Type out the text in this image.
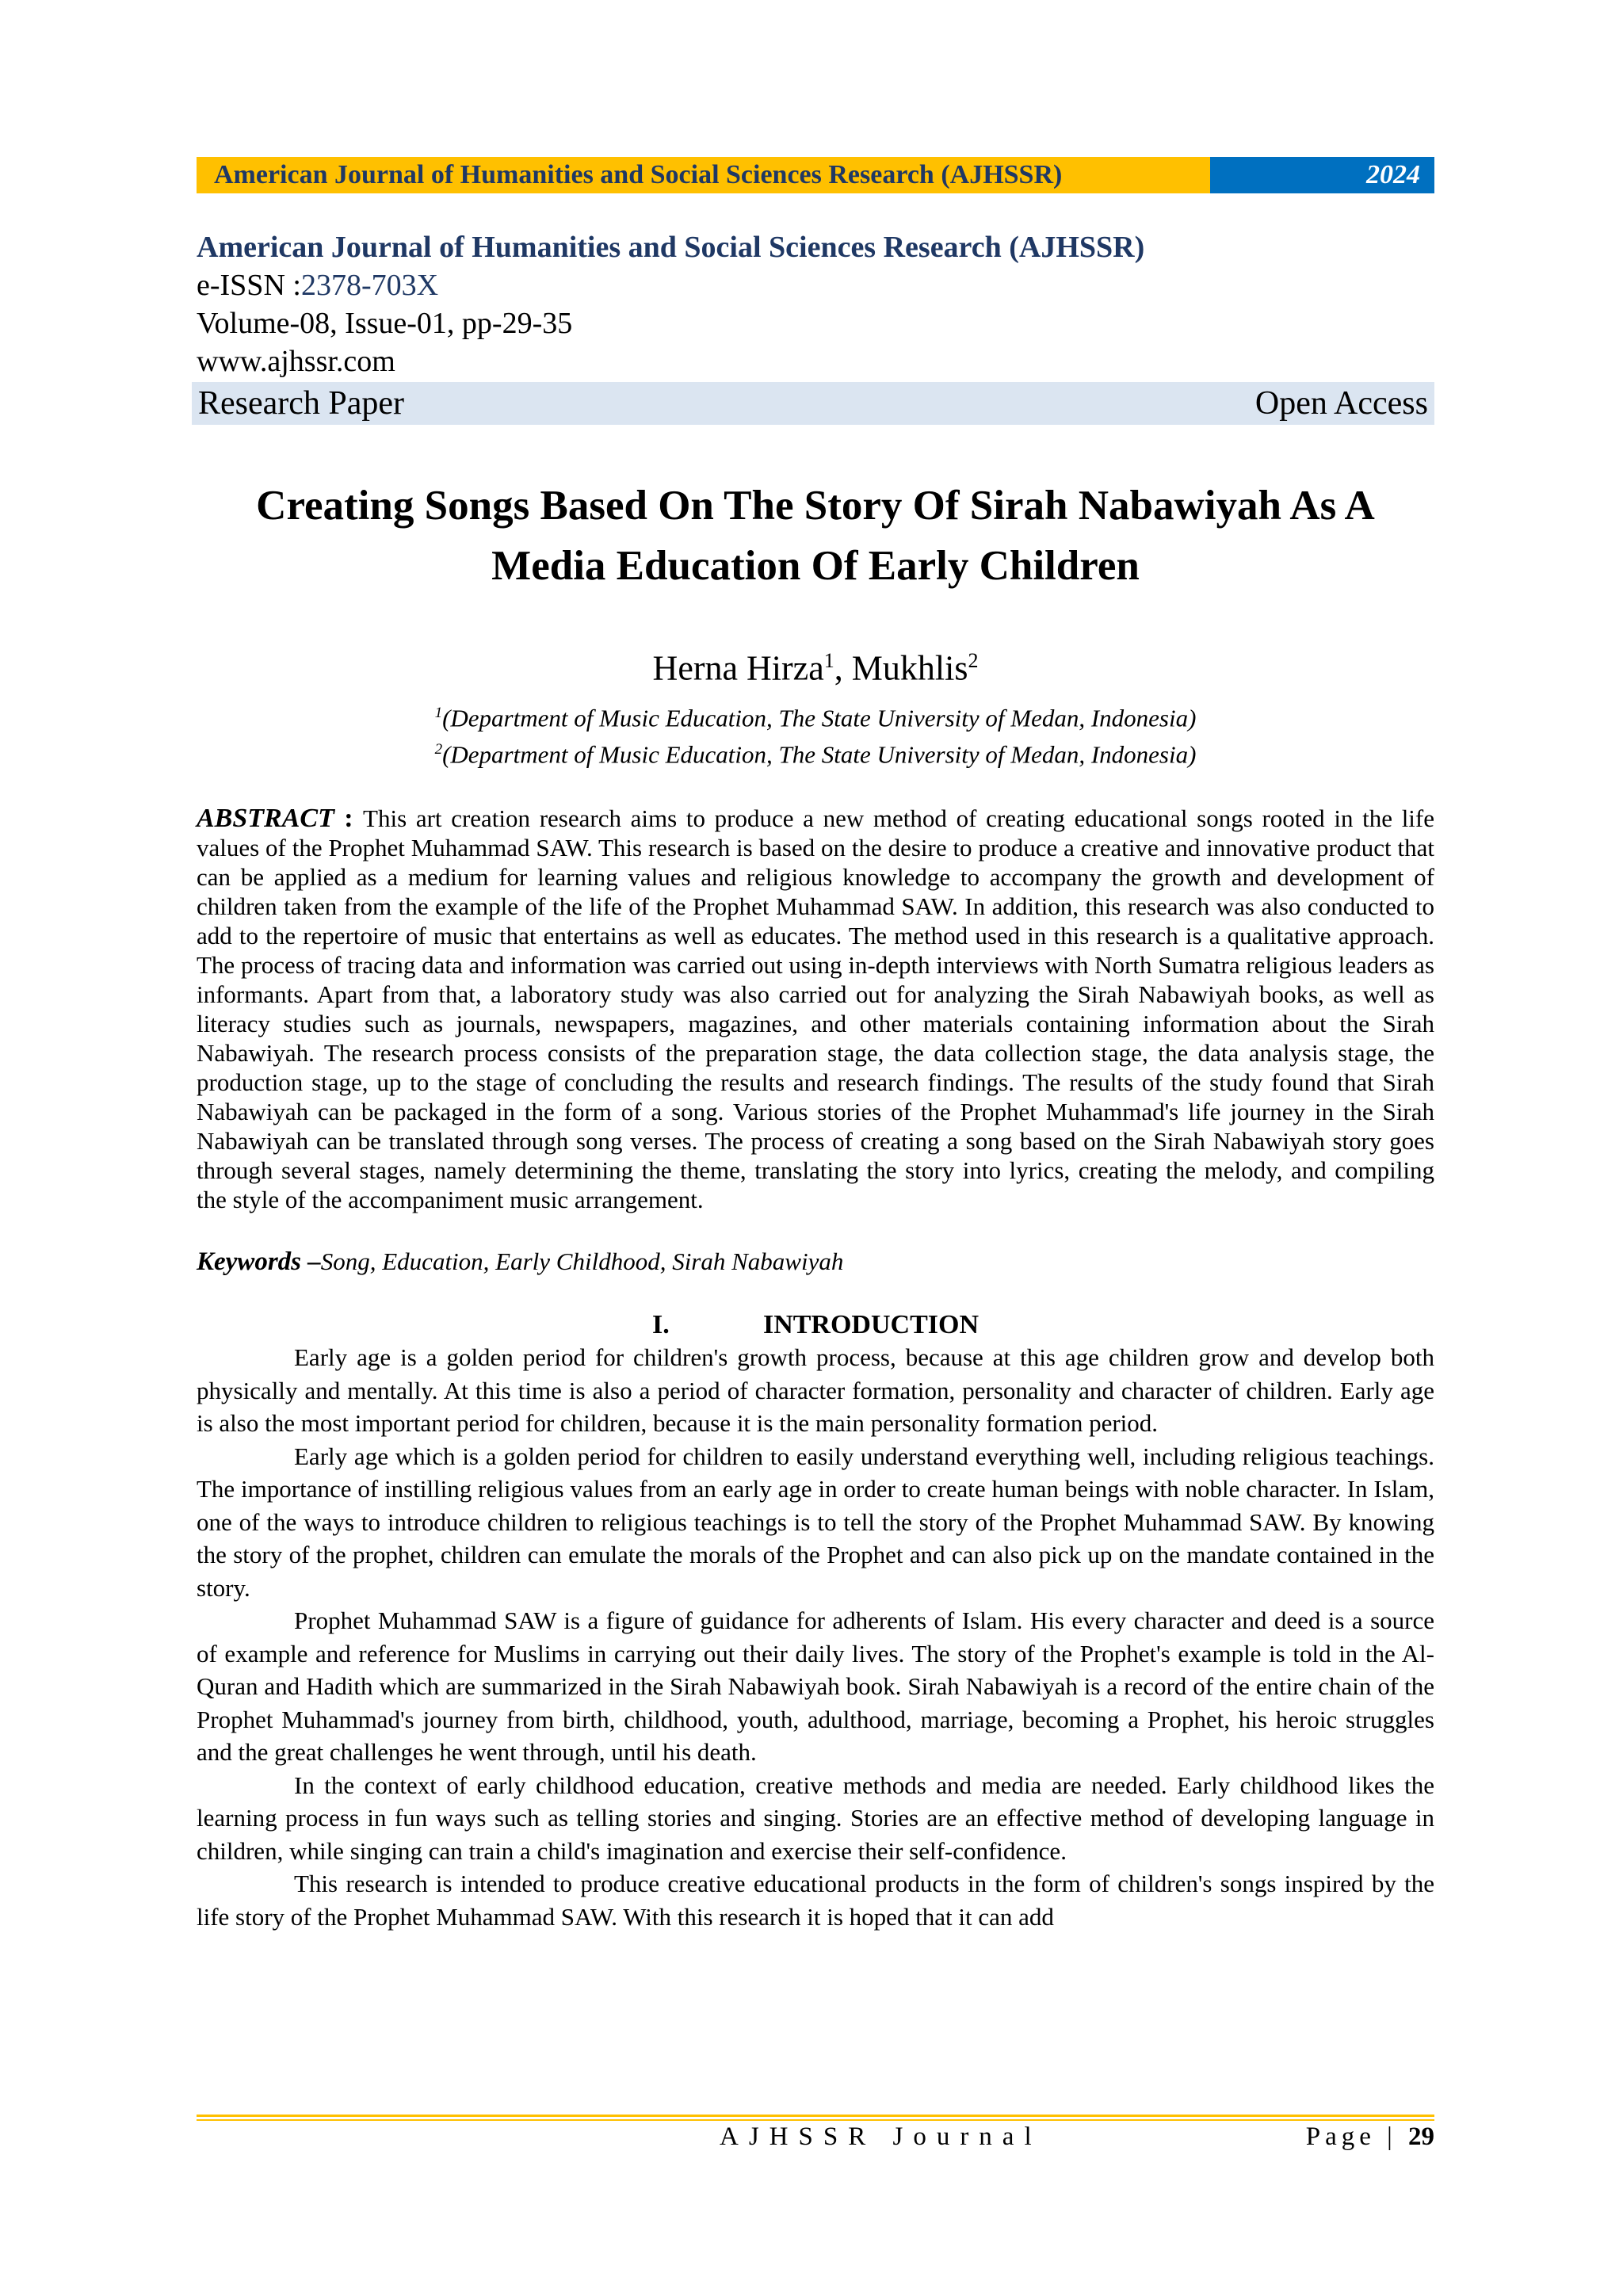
American Journal of Humanities and Social Sciences Research (AJHSSR)	2024
American Journal of Humanities and Social Sciences Research (AJHSSR)
e-ISSN :2378-703X
Volume-08, Issue-01, pp-29-35
www.ajhssr.com
Research Paper	Open Access
Creating Songs Based On The Story Of Sirah Nabawiyah As A
Media Education Of Early Children
Herna Hirza$^1$, Mukhlis$^2$
$^1$(Department of Music Education, The State University of Medan, Indonesia)
$^2$(Department of Music Education, The State University of Medan, Indonesia)
ABSTRACT : This art creation research aims to produce a new method of creating educational songs rooted in the life values of the Prophet Muhammad SAW. This research is based on the desire to produce a creative and innovative product that can be applied as a medium for learning values and religious knowledge to accompany the growth and development of children taken from the example of the life of the Prophet Muhammad SAW. In addition, this research was also conducted to add to the repertoire of music that entertains as well as educates. The method used in this research is a qualitative approach. The process of tracing data and information was carried out using in-depth interviews with North Sumatra religious leaders as informants. Apart from that, a laboratory study was also carried out for analyzing the Sirah Nabawiyah books, as well as literacy studies such as journals, newspapers, magazines, and other materials containing information about the Sirah Nabawiyah. The research process consists of the preparation stage, the data collection stage, the data analysis stage, the production stage, up to the stage of concluding the results and research findings. The results of the study found that Sirah Nabawiyah can be packaged in the form of a song. Various stories of the Prophet Muhammad's life journey in the Sirah Nabawiyah can be translated through song verses. The process of creating a song based on the Sirah Nabawiyah story goes through several stages, namely determining the theme, translating the story into lyrics, creating the melody, and compiling the style of the accompaniment music arrangement.
Keywords –Song, Education, Early Childhood, Sirah Nabawiyah
I.	INTRODUCTION

Early age is a golden period for children's growth process, because at this age children grow and develop both physically and mentally. At this time is also a period of character formation, personality and character of children. Early age is also the most important period for children, because it is the main personality formation period.

Early age which is a golden period for children to easily understand everything well, including religious teachings. The importance of instilling religious values from an early age in order to create human beings with noble character. In Islam, one of the ways to introduce children to religious teachings is to tell the story of the Prophet Muhammad SAW. By knowing the story of the prophet, children can emulate the morals of the Prophet and can also pick up on the mandate contained in the story.

Prophet Muhammad SAW is a figure of guidance for adherents of Islam. His every character and deed is a source of example and reference for Muslims in carrying out their daily lives. The story of the Prophet's example is told in the Al-Quran and Hadith which are summarized in the Sirah Nabawiyah book. Sirah Nabawiyah is a record of the entire chain of the Prophet Muhammad's journey from birth, childhood, youth, adulthood, marriage, becoming a Prophet, his heroic struggles and the great challenges he went through, until his death.

In the context of early childhood education, creative methods and media are needed. Early childhood likes the learning process in fun ways such as telling stories and singing. Stories are an effective method of developing language in children, while singing can train a child's imagination and exercise their self-confidence.

This research is intended to produce creative educational products in the form of children's songs inspired by the life story of the Prophet Muhammad SAW. With this research it is hoped that it can add

AJHSSR Journal	Page | 29
